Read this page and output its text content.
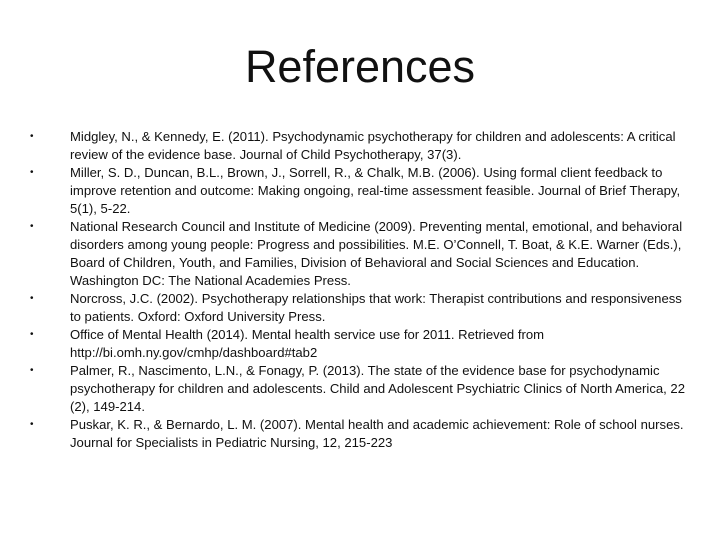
References
•	Midgley, N., & Kennedy, E. (2011). Psychodynamic psychotherapy for children and adolescents: A critical review of the evidence base. Journal of Child Psychotherapy, 37(3).
•	Miller, S. D., Duncan, B.L., Brown, J., Sorrell, R., & Chalk, M.B. (2006). Using formal client feedback to improve retention and outcome: Making ongoing, real-time assessment feasible. Journal of Brief Therapy, 5(1), 5-22.
•	National Research Council and Institute of Medicine (2009). Preventing mental, emotional, and behavioral disorders among young people: Progress and possibilities. M.E. O’Connell, T. Boat, & K.E. Warner (Eds.), Board of Children, Youth, and Families, Division of Behavioral and Social Sciences and Education. Washington DC: The National Academies Press.
•	Norcross, J.C. (2002). Psychotherapy relationships that work: Therapist contributions and responsiveness to patients. Oxford: Oxford University Press.
•	Office of Mental Health (2014). Mental health service use for 2011. Retrieved from http://bi.omh.ny.gov/cmhp/dashboard#tab2
•	Palmer, R., Nascimento, L.N., & Fonagy, P. (2013). The state of the evidence base for psychodynamic psychotherapy for children and adolescents. Child and Adolescent Psychiatric Clinics of North America, 22 (2), 149-214.
•	Puskar, K. R., & Bernardo, L. M. (2007). Mental health and academic achievement: Role of school nurses. Journal for Specialists in Pediatric Nursing, 12, 215-223
